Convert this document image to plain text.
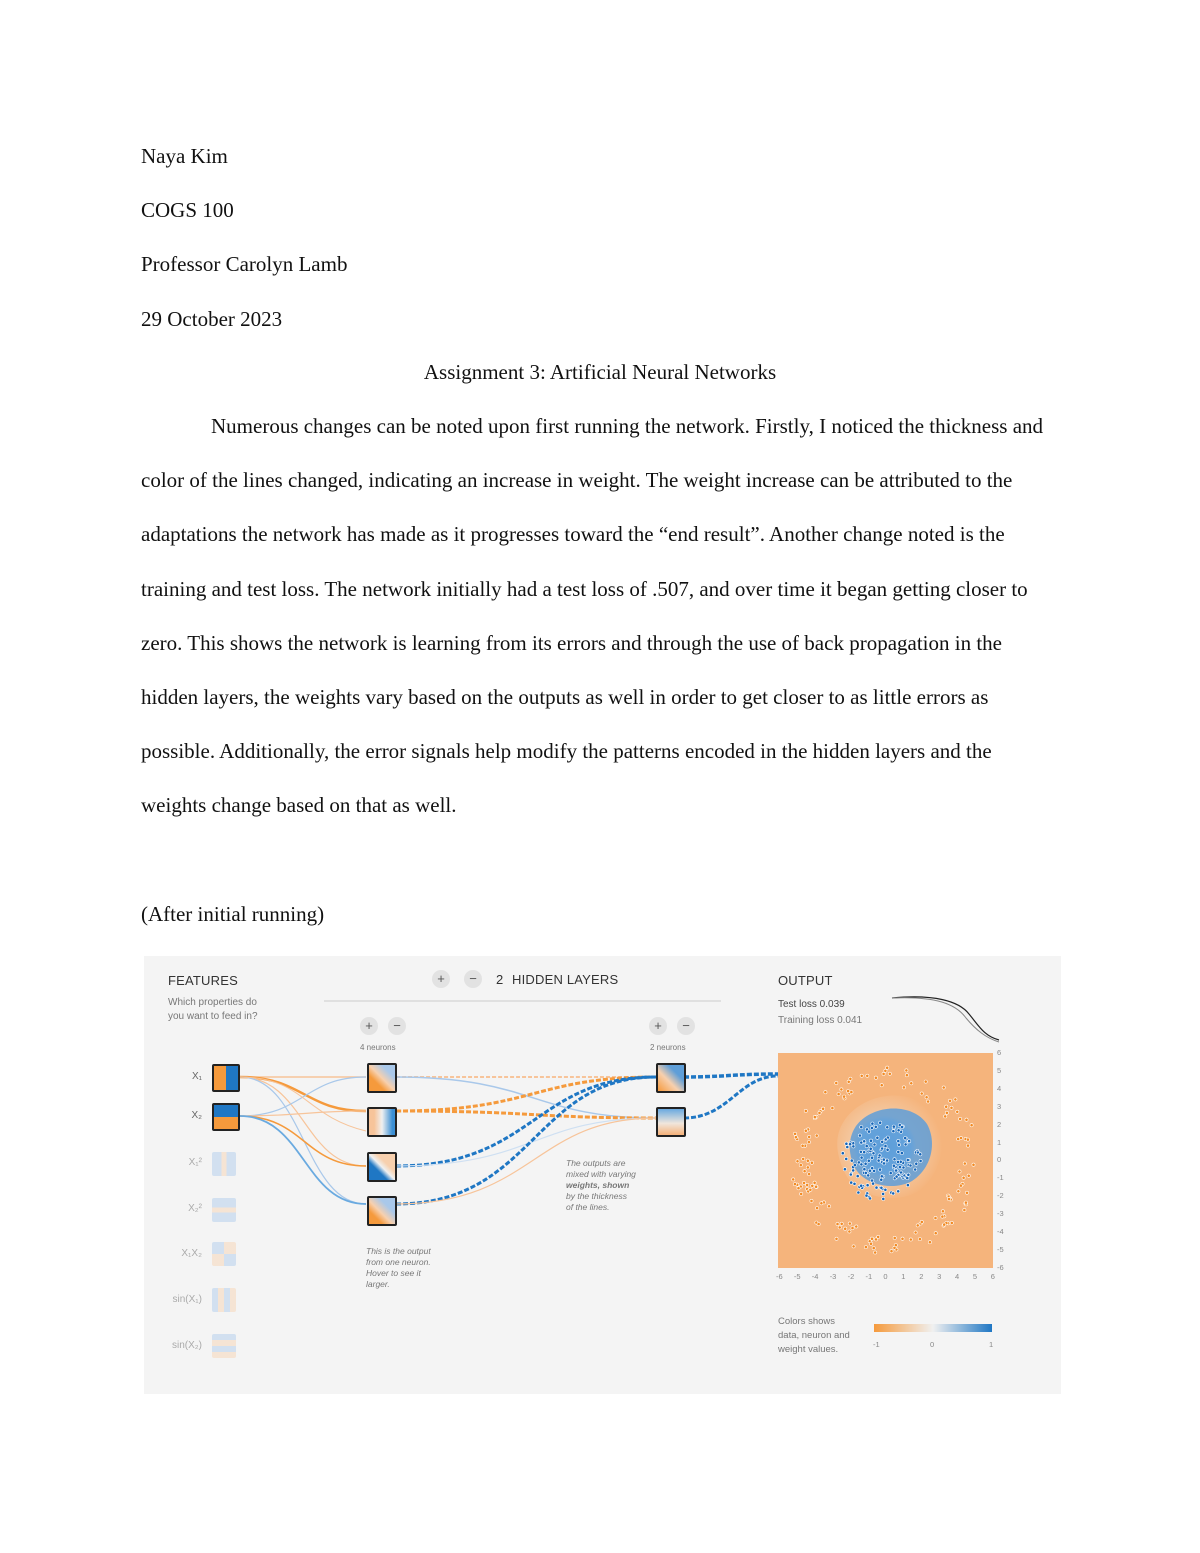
Naya Kim
COGS 100
Professor Carolyn Lamb
29 October 2023
Assignment 3: Artificial Neural Networks

Numerous changes can be noted upon first running the network. Firstly, I noticed the thickness and color of the lines changed, indicating an increase in weight. The weight increase can be attributed to the adaptations the network has made as it progresses toward the “end result”. Another change noted is the training and test loss. The network initially had a test loss of .507, and over time it began getting closer to zero. This shows the network is learning from its errors and through the use of back propagation in the hidden layers, the weights vary based on the outputs as well in order to get closer to as little errors as possible. Additionally, the error signals help modify the patterns encoded in the hidden layers and the weights change based on that as well.

(After initial running)
FEATURES
Which properties do
you want to feed in?
X₁
X₂
X₁²
X₂²
X₁X₂
sin(X₁)
sin(X₂)
+	−	2 HIDDEN LAYERS
+	−
4 neurons
+	−
2 neurons
The outputs are
mixed with varying
weights, shown
by the thickness
of the lines.
This is the output
from one neuron.
Hover to see it
larger.
OUTPUT
Test loss 0.039
Training loss 0.041
-6 -5 -4 -3 -2 -1 0 1 2 3 4 5 6
6
5
4
3
2
1
0
-1
-2
-3
-4
-5
-6
Colors shows
data, neuron and
weight values.	-1	0	1
